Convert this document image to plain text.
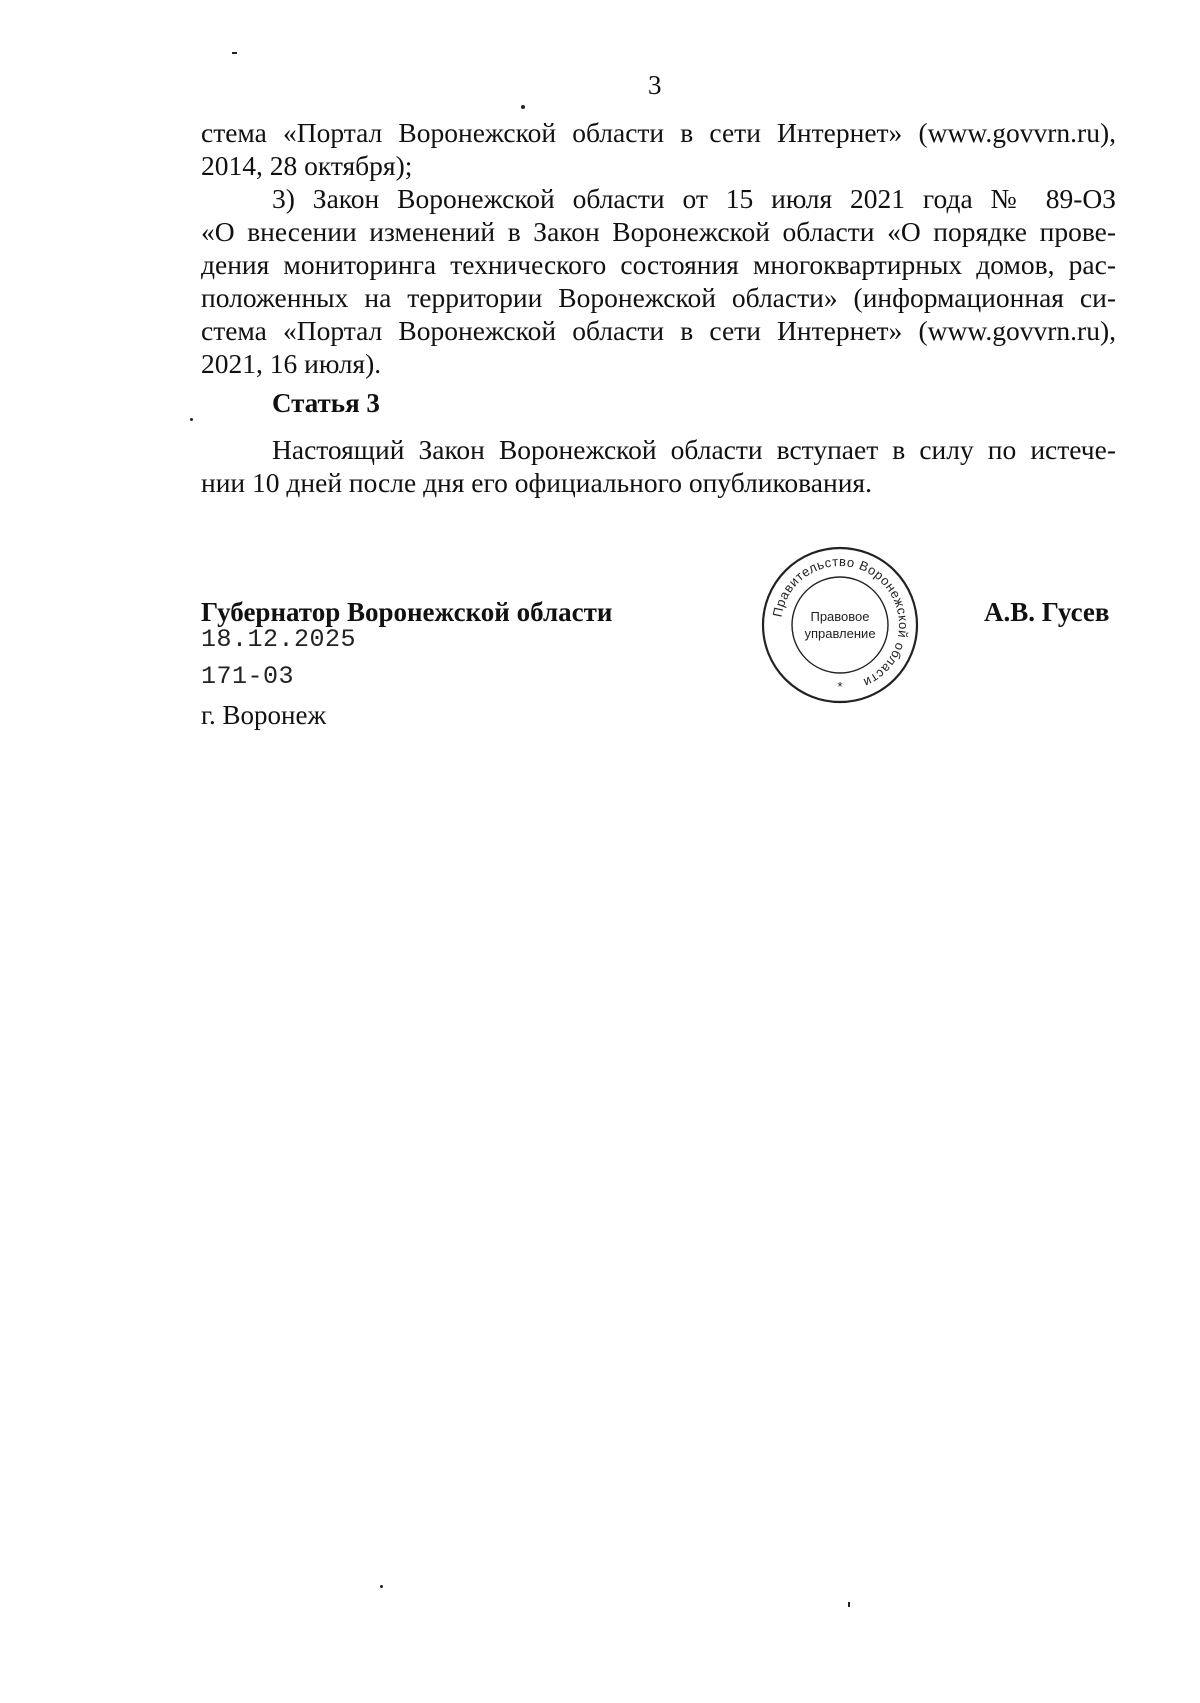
3
стема «Портал Воронежской области в сети Интернет» (www.govvrn.ru),
2014, 28 октября);
3) Закон Воронежской области от 15 июля 2021 года № 89-ОЗ
«О внесении изменений в Закон Воронежской области «О порядке прове-
дения мониторинга технического состояния многоквартирных домов, рас-
положенных на территории Воронежской области» (информационная си-
стема «Портал Воронежской области в сети Интернет» (www.govvrn.ru),
2021, 16 июля).
Статья 3
Настоящий Закон Воронежской области вступает в силу по истече-
нии 10 дней после дня его официального опубликования.
Губернатор Воронежской области	А.В. Гусев
18.12.2025
171-03
г. Воронеж
Правительство Воронежской области
Правовое
управление
*
